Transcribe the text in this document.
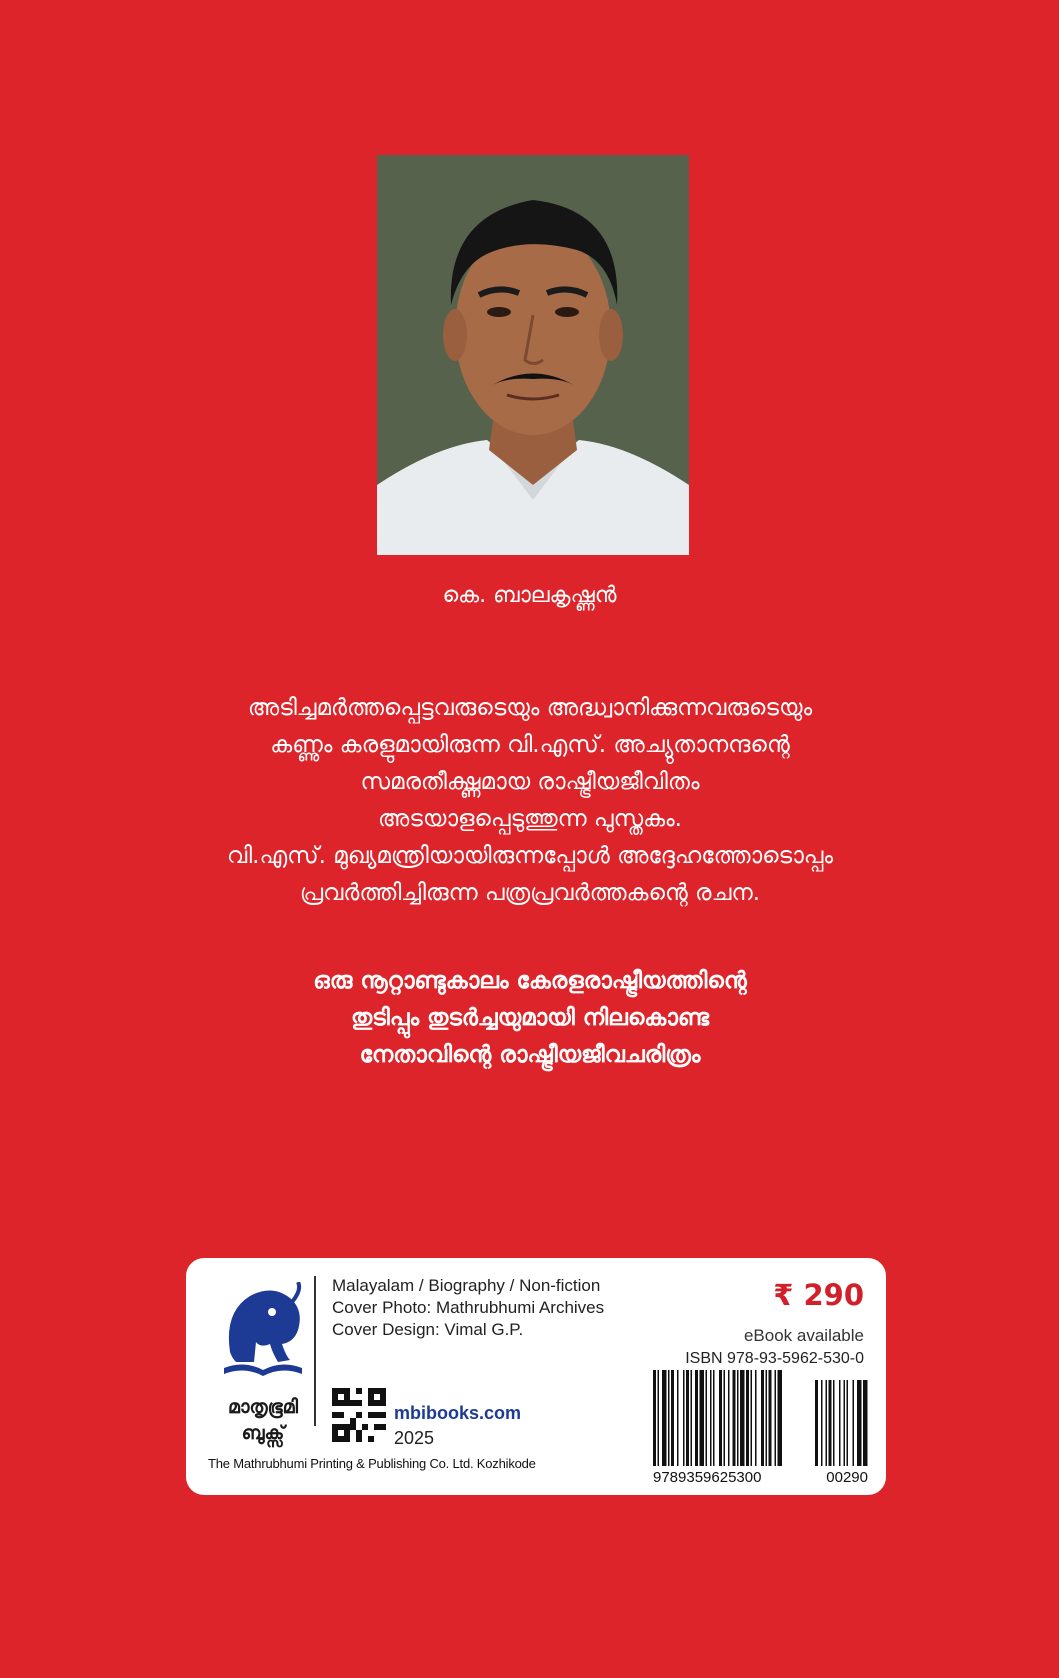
കെ. ബാലകൃഷ്ണൻ
അടിച്ചമർത്തപ്പെട്ടവരുടെയും അദ്ധ്വാനിക്കുന്നവരുടെയും
കണ്ണും കരളുമായിരുന്ന വി.എസ്. അച്യുതാനന്ദന്റെ
സമരതീക്ഷ്ണമായ രാഷ്ട്രീയജീവിതം
അടയാളപ്പെടുത്തുന്ന പുസ്തകം.
വി.എസ്. മുഖ്യമന്ത്രിയായിരുന്നപ്പോൾ അദ്ദേഹത്തോടൊപ്പം
പ്രവർത്തിച്ചിരുന്ന പത്രപ്രവർത്തകന്റെ രചന.
ഒരു നൂറ്റാണ്ടുകാലം കേരളരാഷ്ട്രീയത്തിന്റെ
തുടിപ്പും തുടർച്ചയുമായി നിലകൊണ്ട
നേതാവിന്റെ രാഷ്ട്രീയജീവചരിത്രം
മാതൃഭൂമി
ബുക്സ്
The Mathrubhumi Printing & Publishing Co. Ltd. Kozhikode
Malayalam / Biography / Non-fiction
Cover Photo: Mathrubhumi Archives
Cover Design: Vimal G.P.
mbibooks.com
2025
₹ 290
eBook available
ISBN 978-93-5962-530-0
9789359625300	00290
